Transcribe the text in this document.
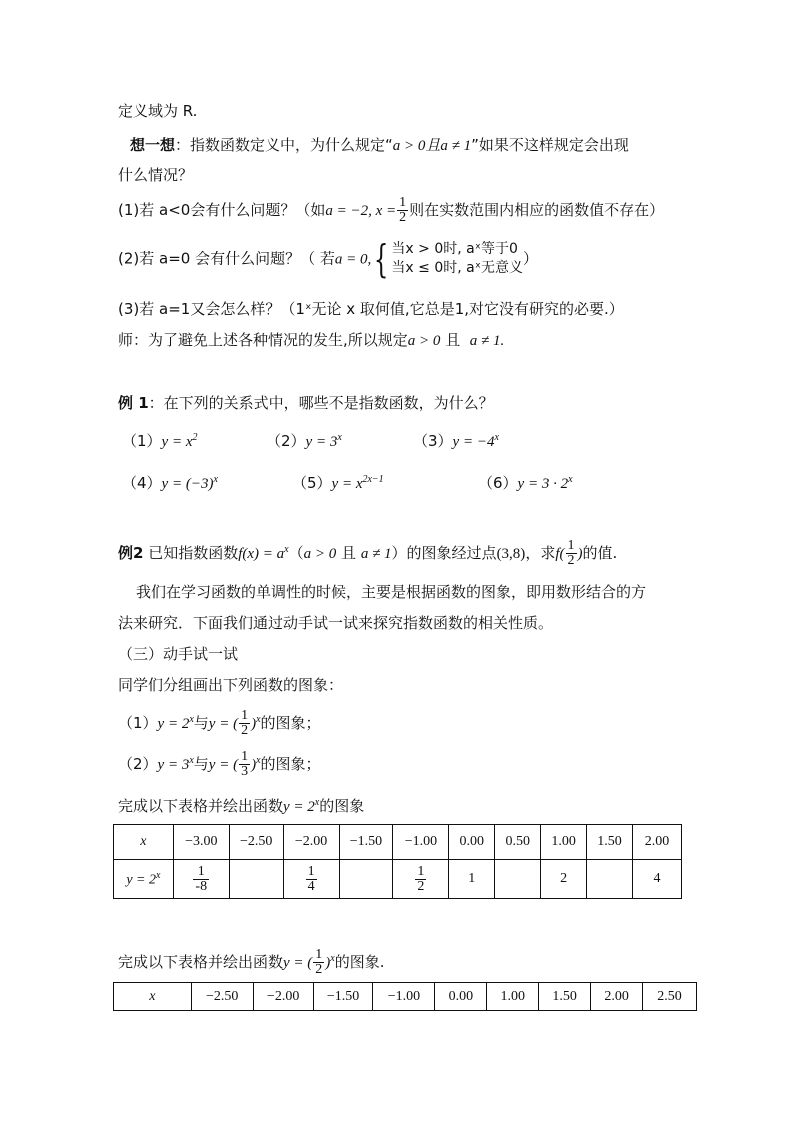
定义域为 R.
想一想：指数函数定义中，为什么规定“a > 0且a ≠ 1”如果不这样规定会出现
什么情况？
(1)若 a<0会有什么问题？（如a = −2, $x = \frac{1}{2}$ 则在实数范围内相应的函数值不存在）
(2)若 a=0 会有什么问题？（ 若a = 0,{ 当x > 0时, aˣ等于0
当x ≤ 0时, aˣ无意义
）
(3)若 a=1又会怎么样？（1ˣ无论 x 取何值,它总是1,对它没有研究的必要.）
师：为了避免上述各种情况的发生,所以规定a > 0 且 a ≠ 1.
例 1：在下列的关系式中，哪些不是指数函数，为什么？
$(1)y = x^2$	$(2)y = 3^x$	$(3)y = -4^x$
$(4)y = (-3)^x$	$(5)y = x^{2x-1}$	$(6)y = 3 \cdot 2^x$
例2 已知指数函数$f(x) = a^x(a > 0$ 且 a ≠ 1）的图象经过点(3,8)，求$f( \frac{1}{2}$ )的值.
我们在学习函数的单调性的时候，主要是根据函数的图象，即用数形结合的方
法来研究．下面我们通过动手试一试来探究指数函数的相关性质。
（三）动手试一试
同学们分组画出下列函数的图象：
$(1)y = 2^x$与y = ( $\frac{1}{2} )^x$的图象；
$(2)y = 3^x$与y = ( $\frac{1}{3} )^x$的图象；
完成以下表格并绘出函数$y = 2^x$的图象
x	−3.00	−2.50	−2.00	−1.50	−1.00	0.00	0.50	1.00	1.50	2.00
$y = 2^x$	$\frac{1}{-8}$		$\frac{1}{4}$		$\frac{1}{2}$	1		2		4
完成以下表格并绘出函数y = ( $\frac{1}{2} )^x$的图象.
x	−2.50	−2.00	−1.50	−1.00	0.00	1.00	1.50	2.00	2.50
